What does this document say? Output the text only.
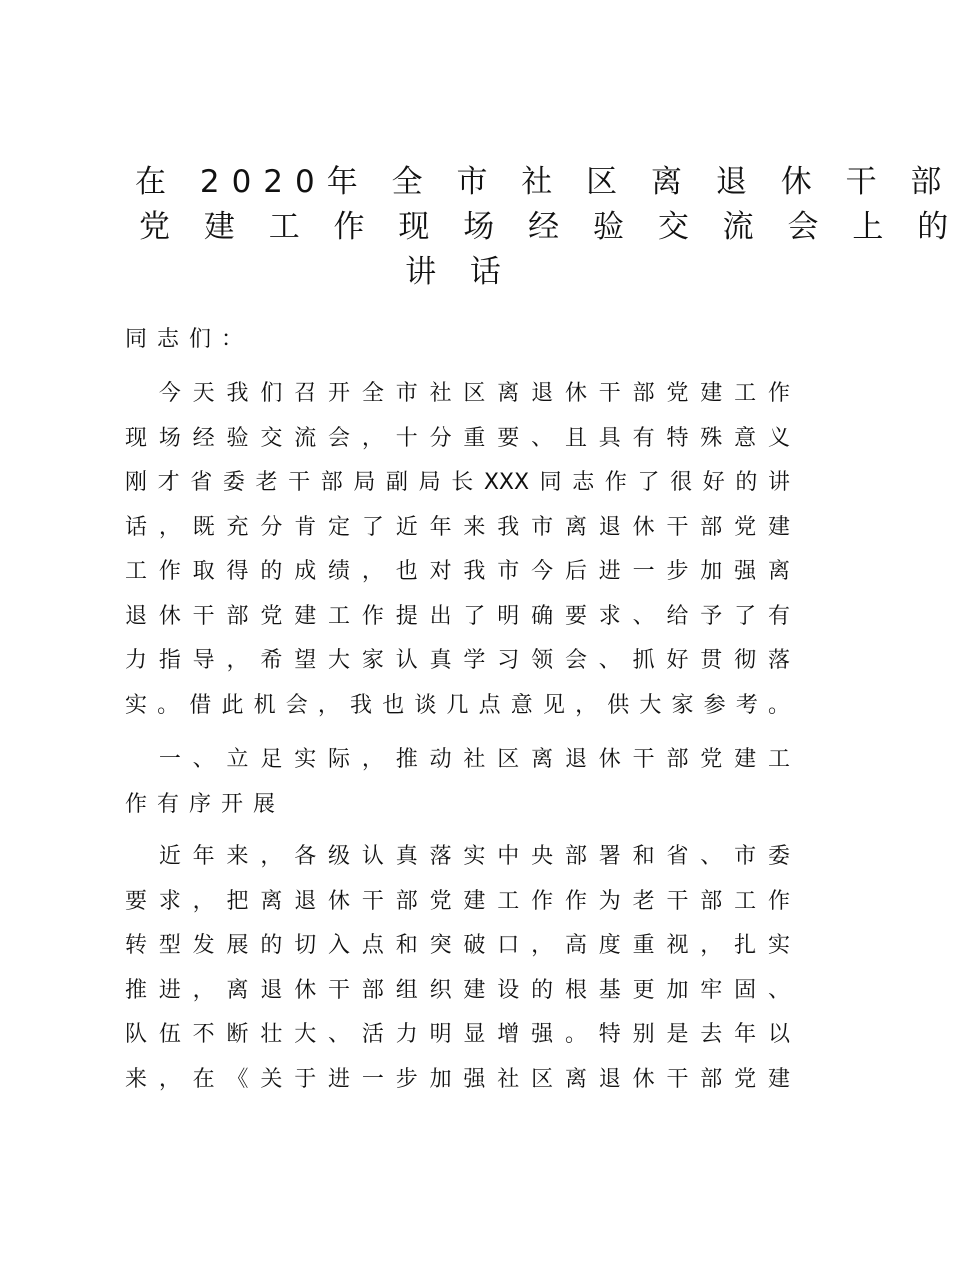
在 2020年 全 市 社 区 离 退 休 干 部
党 建 工 作 现 场 经 验 交 流 会 上 的
讲 话
同志们：
　今天我们召开全市社区离退休干部党建工作
现场经验交流会，十分重要、且具有特殊意义
刚才省委老干部局副局长XXX同志作了很好的讲
话，既充分肯定了近年来我市离退休干部党建
工作取得的成绩，也对我市今后进一步加强离
退休干部党建工作提出了明确要求、给予了有
力指导，希望大家认真学习领会、抓好贯彻落
实。借此机会，我也谈几点意见，供大家参考。
　一、立足实际，推动社区离退休干部党建工
作有序开展
　近年来，各级认真落实中央部署和省、市委
要求，把离退休干部党建工作作为老干部工作
转型发展的切入点和突破口，高度重视，扎实
推进，离退休干部组织建设的根基更加牢固、
队伍不断壮大、活力明显增强。特别是去年以
来，在《关于进一步加强社区离退休干部党建
